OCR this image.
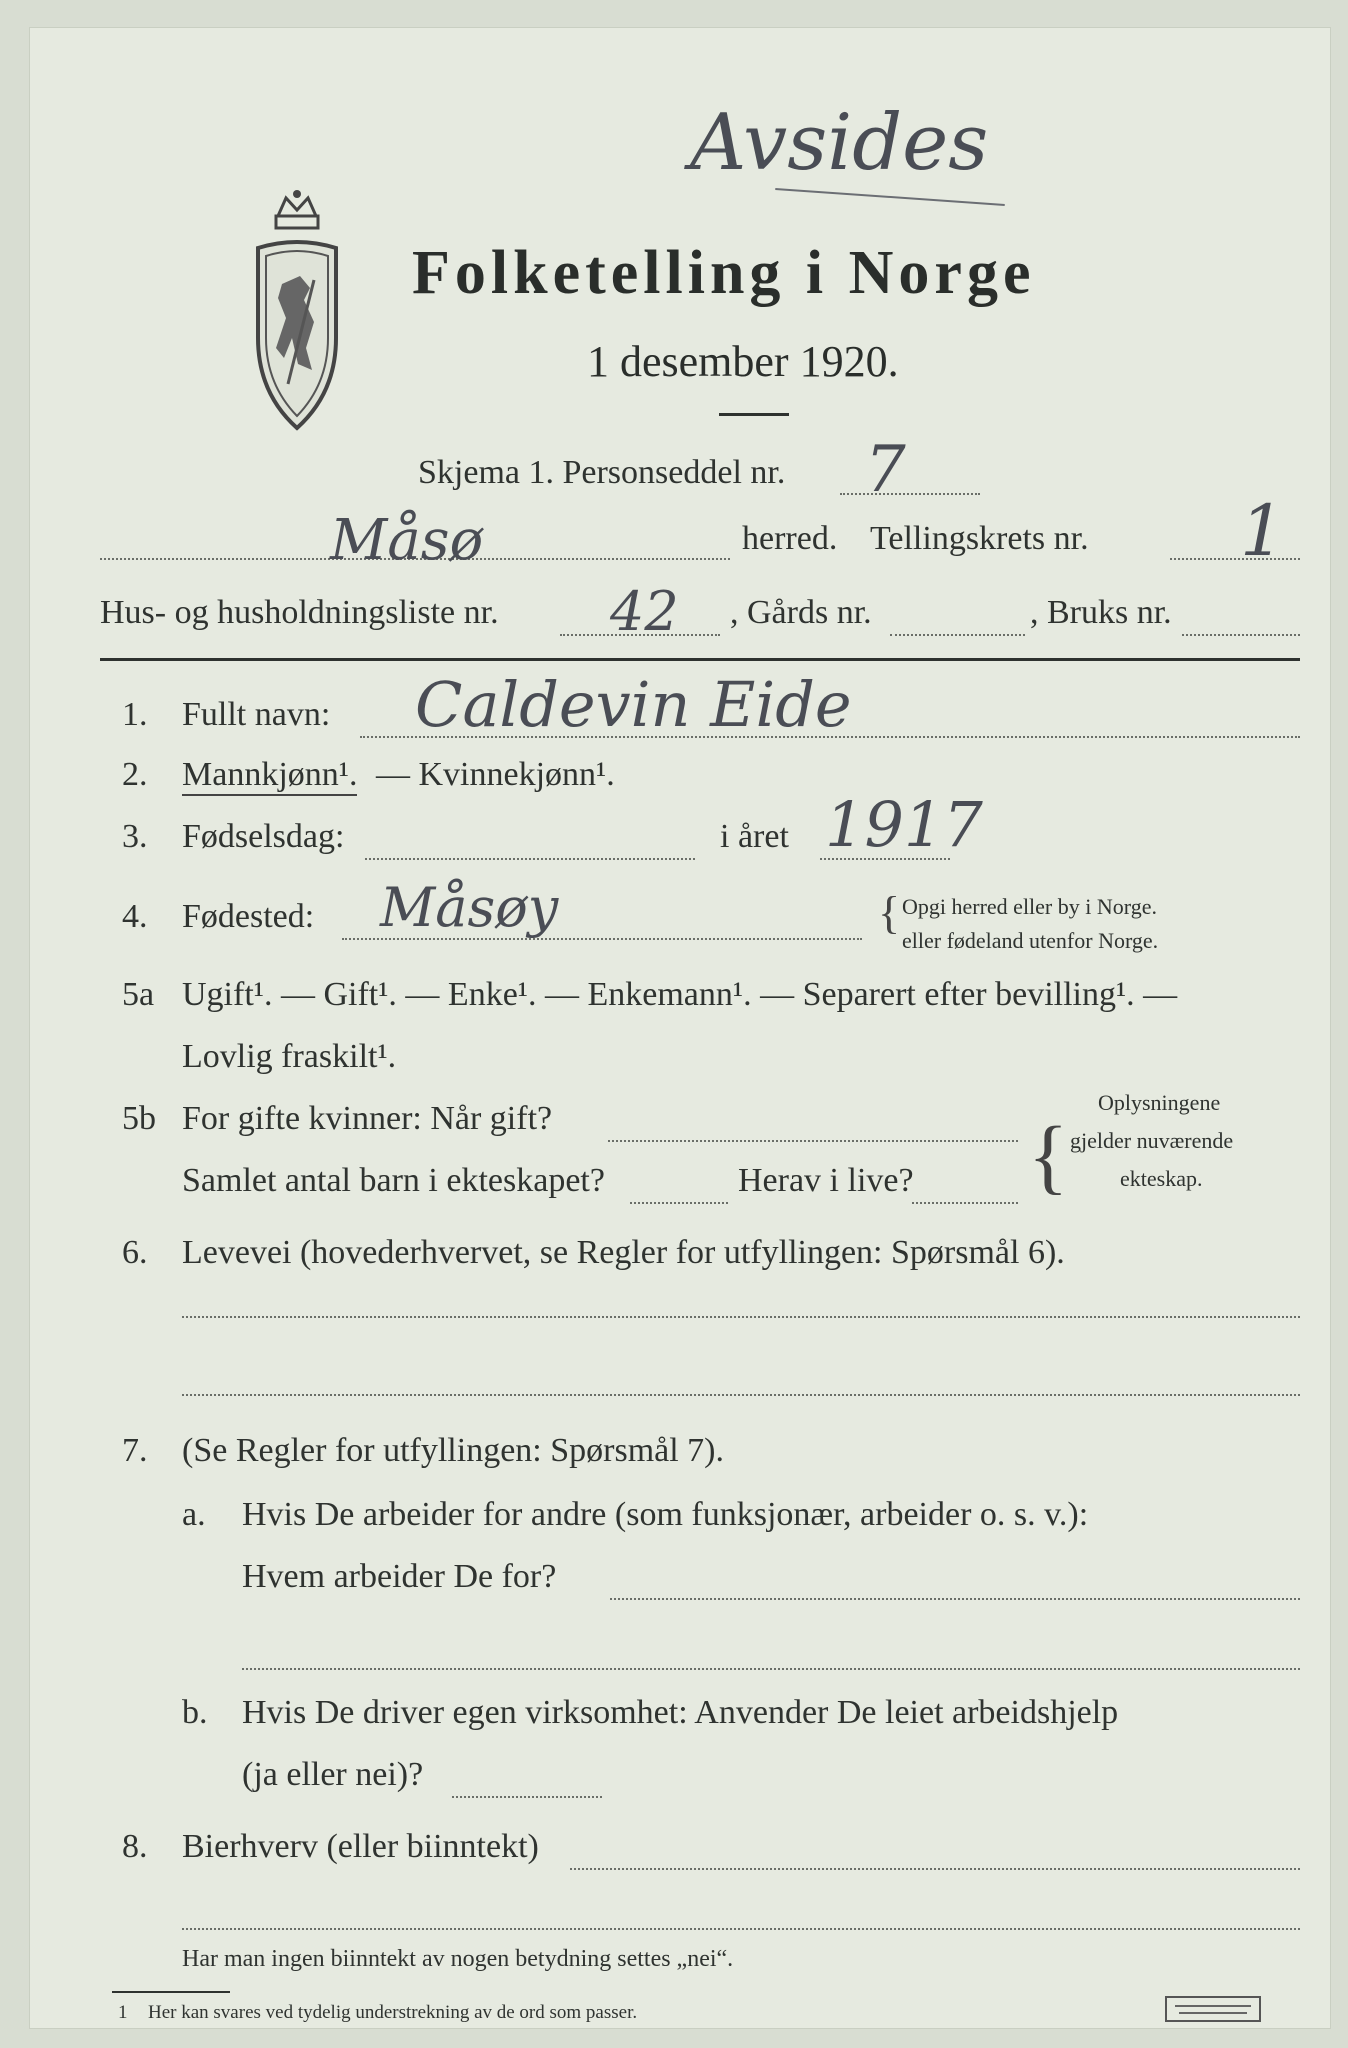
Avsides
Folketelling i Norge
1 desember 1920.
Skjema 1. Personseddel nr. 7
Måsø	herred. Tellingskrets nr. 1
Hus- og husholdningsliste nr. 42 , Gårds nr.	, Bruks nr.
1. Fullt navn: Caldevin Eide
2. Mannkjønn¹. — Kvinnekjønn¹.
3. Fødselsdag:	i året 1917
4. Fødested: Måsøy	{ Opgi herred eller by i Norge.
eller fødeland utenfor Norge.
5a Ugift¹. — Gift¹. — Enke¹. — Enkemann¹. — Separert efter bevilling¹. —
Lovlig fraskilt¹.
5b For gifte kvinner: Når gift?
Samlet antal barn i ekteskapet?	Herav i live? {
Oplysningene
gjelder nuværende
ekteskap.
6. Levevei (hovederhvervet, se Regler for utfyllingen: Spørsmål 6).
7. (Se Regler for utfyllingen: Spørsmål 7).
a. Hvis De arbeider for andre (som funksjonær, arbeider o. s. v.):
Hvem arbeider De for?
b. Hvis De driver egen virksomhet: Anvender De leiet arbeidshjelp
(ja eller nei)?
8. Bierhverv (eller biinntekt)
Har man ingen biinntekt av nogen betydning settes „nei“.
1 Her kan svares ved tydelig understrekning av de ord som passer.
